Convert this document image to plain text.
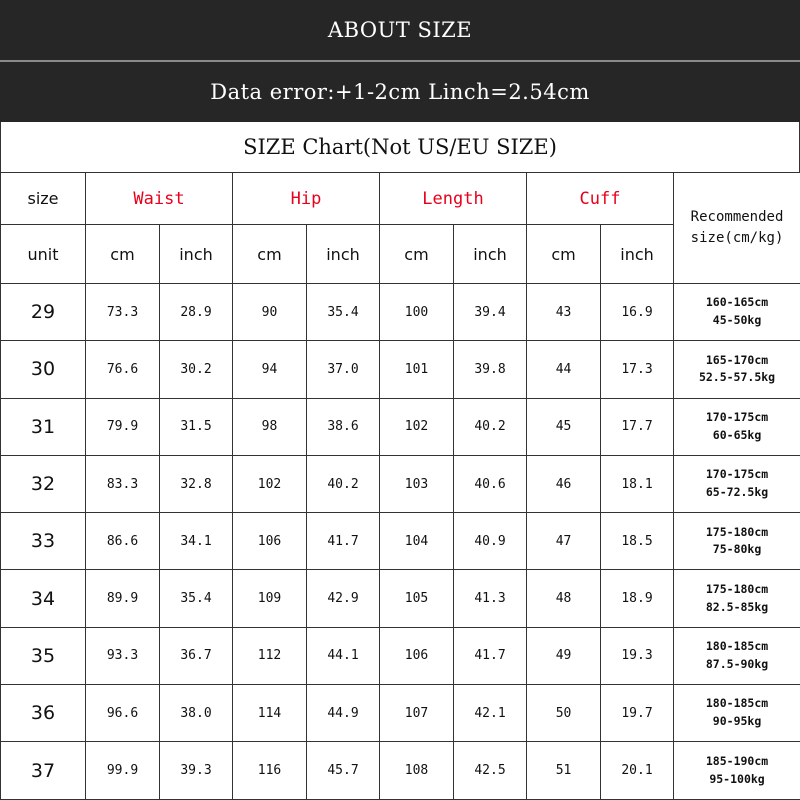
ABOUT SIZE
Data error:+1-2cm Linch=2.54cm
SIZE Chart(Not US/EU SIZE)
size	Waist		Hip		Length		Cuff		Recommended
size(cm/kg)

unit	cm	inch	cm	inch	cm	inch	cm	inch	
29	73.3	28.9	90	35.4	100	39.4	43	16.9	160-165cm
45-50kg

30	76.6	30.2	94	37.0	101	39.8	44	17.3	165-170cm
52.5-57.5kg

31	79.9	31.5	98	38.6	102	40.2	45	17.7	170-175cm
60-65kg

32	83.3	32.8	102	40.2	103	40.6	46	18.1	170-175cm
65-72.5kg

33	86.6	34.1	106	41.7	104	40.9	47	18.5	175-180cm
75-80kg

34	89.9	35.4	109	42.9	105	41.3	48	18.9	175-180cm
82.5-85kg

35	93.3	36.7	112	44.1	106	41.7	49	19.3	180-185cm
87.5-90kg

36	96.6	38.0	114	44.9	107	42.1	50	19.7	180-185cm
90-95kg

37	99.9	39.3	116	45.7	108	42.5	51	20.1	185-190cm
95-100kg
